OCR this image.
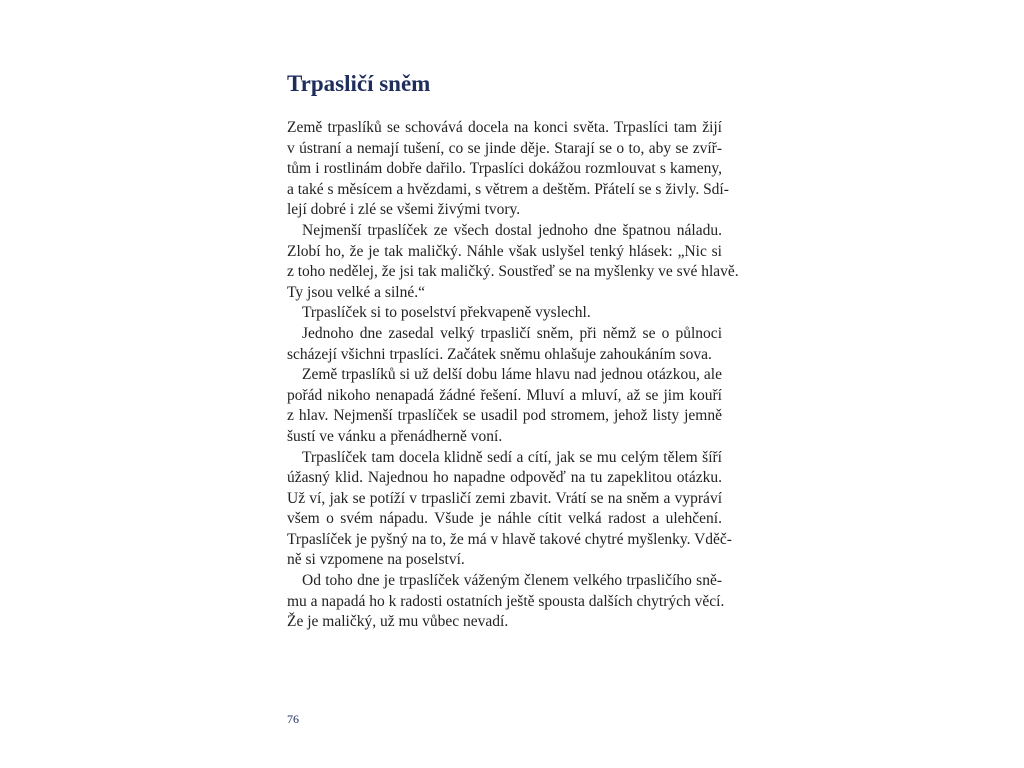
Trpasličí sněm
Země trpaslíků se schovává docela na konci světa. Trpaslíci tam žijí
v ústraní a nemají tušení, co se jinde děje. Starají se o to, aby se zvíř-
tům i rostlinám dobře dařilo. Trpaslíci dokážou rozmlouvat s kameny,
a také s měsícem a hvězdami, s větrem a deštěm. Přátelí se s živly. Sdí-
lejí dobré i zlé se všemi živými tvory.
Nejmenší trpaslíček ze všech dostal jednoho dne špatnou náladu.
Zlobí ho, že je tak maličký. Náhle však uslyšel tenký hlásek: „Nic si
z toho nedělej, že jsi tak maličký. Soustřeď se na myšlenky ve své hlavě.
Ty jsou velké a silné.“
Trpaslíček si to poselství překvapeně vyslechl.
Jednoho dne zasedal velký trpasličí sněm, při němž se o půlnoci
scházejí všichni trpaslíci. Začátek sněmu ohlašuje zahoukáním sova.
Země trpaslíků si už delší dobu láme hlavu nad jednou otázkou, ale
pořád nikoho nenapadá žádné řešení. Mluví a mluví, až se jim kouří
z hlav. Nejmenší trpaslíček se usadil pod stromem, jehož listy jemně
šustí ve vánku a přenádherně voní.
Trpaslíček tam docela klidně sedí a cítí, jak se mu celým tělem šíří
úžasný klid. Najednou ho napadne odpověď na tu zapeklitou otázku.
Už ví, jak se potíží v trpasličí zemi zbavit. Vrátí se na sněm a vypráví
všem o svém nápadu. Všude je náhle cítit velká radost a ulehčení.
Trpaslíček je pyšný na to, že má v hlavě takové chytré myšlenky. Vděč-
ně si vzpomene na poselství.
Od toho dne je trpaslíček váženým členem velkého trpasličího sně-
mu a napadá ho k radosti ostatních ještě spousta dalších chytrých věcí.
Že je maličký, už mu vůbec nevadí.
76
